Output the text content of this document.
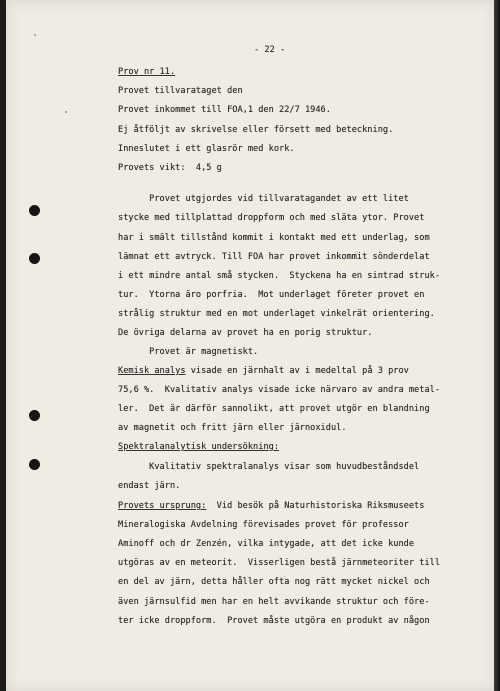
- 22 -
Prov nr 11.
Provet tillvarataget den
Provet inkommet till FOA,1 den 22/7 1946.
Ej åtföljt av skrivelse eller försett med beteckning.
Inneslutet i ett glasrör med kork.
Provets vikt:  4,5 g
Provet utgjordes vid tillvaratagandet av ett litet
stycke med tillplattad droppform och med släta ytor. Provet
har i smält tillstånd kommit i kontakt med ett underlag, som
lämnat ett avtryck. Till FOA har provet inkommit sönderdelat
i ett mindre antal små stycken.  Styckena ha en sintrad struk-
tur.  Ytorna äro porfria.  Mot underlaget företer provet en
strålig struktur med en mot underlaget vinkelrät orientering.
De övriga delarna av provet ha en porig struktur.
Provet är magnetiskt.
Kemisk analys visade en järnhalt av i medeltal på 3 prov
75,6 %.  Kvalitativ analys visade icke närvaro av andra metal-
ler.  Det är därför sannolikt, att provet utgör en blandning
av magnetit och fritt järn eller järnoxidul.
Spektralanalytisk undersökning:
Kvalitativ spektralanalys visar som huvudbeståndsdel
endast järn.
Provets ursprung:  Vid besök på Naturhistoriska Riksmuseets
Mineralogiska Avdelning förevisades provet för professor
Aminoff och dr Zenzén, vilka intygade, att det icke kunde
utgöras av en meteorit.  Visserligen bestå järnmeteoriter till
en del av järn, detta håller ofta nog rätt mycket nickel och
även järnsulfid men har en helt avvikande struktur och före-
ter icke droppform.  Provet måste utgöra en produkt av någon
